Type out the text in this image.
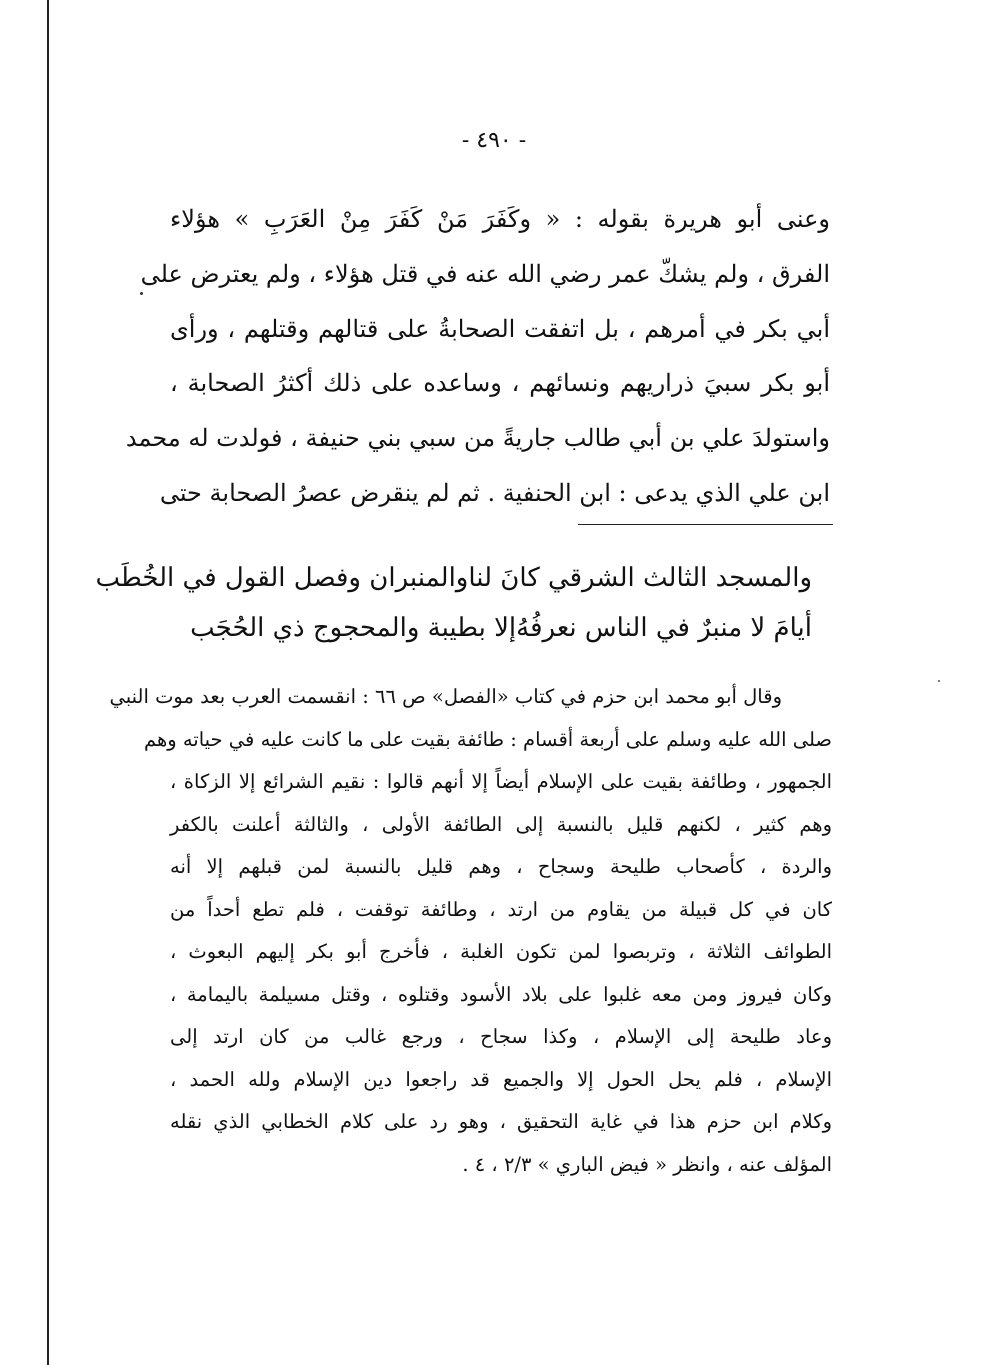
- ٤٩٠ -
وعنى أبو هريرة بقوله : « وكَفَرَ مَنْ كَفَرَ مِنْ العَرَبِ » هؤلاء
الفرق ، ولم يشكّ عمر رضي الله عنه في قتل هؤلاء ، ولم يعترض على
أبي بكر في أمرهم ، بل اتفقت الصحابةُ على قتالهم وقتلهم ، ورأى
أبو بكر سبيَ ذراريهم ونسائهم ، وساعده على ذلك أكثرُ الصحابة ،
واستولدَ علي بن أبي طالب جاريةً من سبي بني حنيفة ، فولدت له محمد
ابن علي الذي يدعى : ابن الحنفية . ثم لم ينقرض عصرُ الصحابة حتى
والمسجد الثالث الشرقي كانَ لنا
والمنبران وفصل القول في الخُطَب
أيامَ لا منبرٌ في الناس نعرفُهُ
إلا بطيبة والمحجوج ذي الحُجَب
وقال أبو محمد ابن حزم في كتاب «الفصل» ص ٦٦ : انقسمت العرب بعد موت النبي
صلى الله عليه وسلم على أربعة أقسام : طائفة بقيت على ما كانت عليه في حياته وهم
الجمهور ، وطائفة بقيت على الإسلام أيضاً إلا أنهم قالوا : نقيم الشرائع إلا الزكاة ،
وهم كثير ، لكنهم قليل بالنسبة إلى الطائفة الأولى ، والثالثة أعلنت بالكفر
والردة ، كأصحاب طليحة وسجاح ، وهم قليل بالنسبة لمن قبلهم إلا أنه
كان في كل قبيلة من يقاوم من ارتد ، وطائفة توقفت ، فلم تطع أحداً من
الطوائف الثلاثة ، وتربصوا لمن تكون الغلبة ، فأخرج أبو بكر إليهم البعوث ،
وكان فيروز ومن معه غلبوا على بلاد الأسود وقتلوه ، وقتل مسيلمة باليمامة ،
وعاد طليحة إلى الإسلام ، وكذا سجاح ، ورجع غالب من كان ارتد إلى
الإسلام ، فلم يحل الحول إلا والجميع قد راجعوا دين الإسلام ولله الحمد ،
وكلام ابن حزم هذا في غاية التحقيق ، وهو رد على كلام الخطابي الذي نقله
المؤلف عنه ، وانظر « فيض الباري » ٢/٣ ، ٤ .
